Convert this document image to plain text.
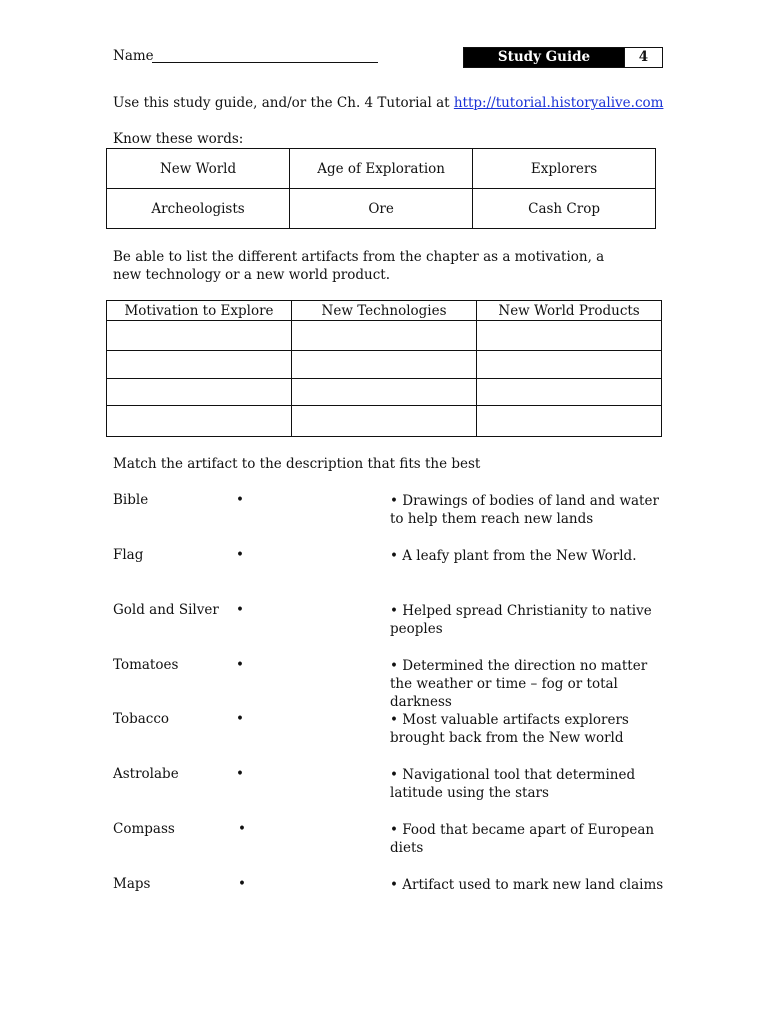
Name	Study Guide	4
Use this study guide, and/or the Ch. 4 Tutorial at http://tutorial.historyalive.com
Know these words:
New World	Age of Exploration	Explorers
Archeologists	Ore	Cash Crop
Be able to list the different artifacts from the chapter as a motivation, a new technology or a new world product.
Motivation to Explore	New Technologies	New World Products

Match the artifact to the description that fits the best
Bible	•	• Drawings of bodies of land and water to help them reach new lands
Flag	•	• A leafy plant from the New World.
Gold and Silver •	• Helped spread Christianity to native peoples
Tomatoes	•	• Determined the direction no matter the weather or time – fog or total darkness
Tobacco	•	• Most valuable artifacts explorers brought back from the New world
Astrolabe	•	• Navigational tool that determined latitude using the stars
Compass	•	• Food that became apart of European diets
Maps	•	• Artifact used to mark new land claims
